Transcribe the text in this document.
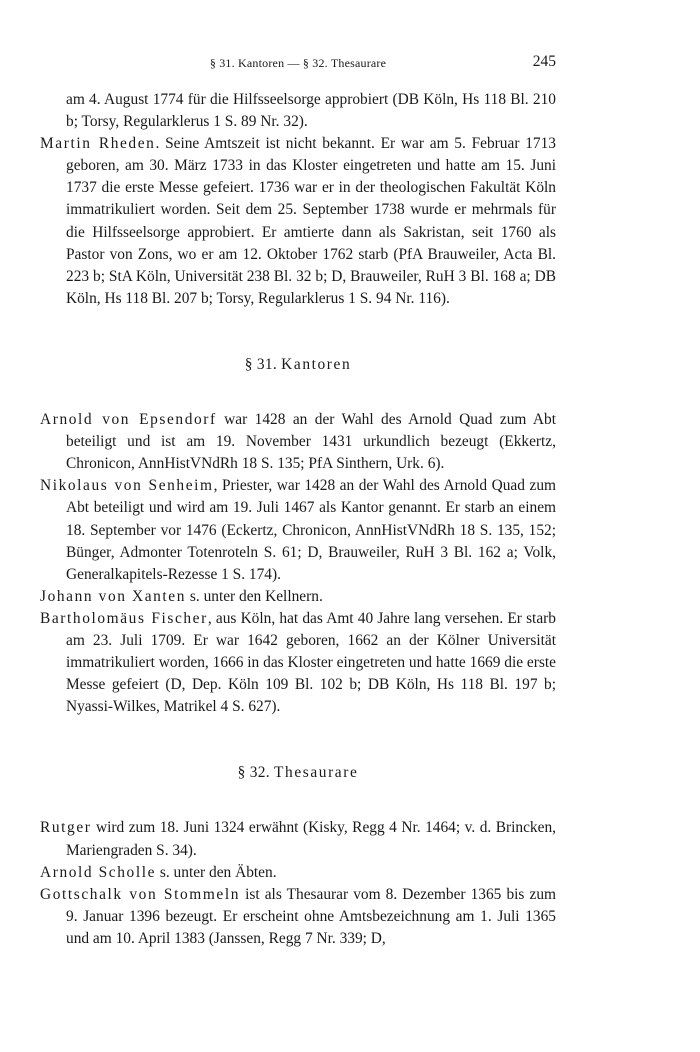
§ 31. Kantoren — § 32. Thesaurare	245

am 4. August 1774 für die Hilfsseelsorge approbiert (DB Köln, Hs 118 Bl. 210 b; Torsy, Regularklerus 1 S. 89 Nr. 32).

Martin Rheden. Seine Amtszeit ist nicht bekannt. Er war am 5. Februar 1713 geboren, am 30. März 1733 in das Kloster eingetreten und hatte am 15. Juni 1737 die erste Messe gefeiert. 1736 war er in der theologischen Fakultät Köln immatrikuliert worden. Seit dem 25. September 1738 wurde er mehrmals für die Hilfsseelsorge approbiert. Er amtierte dann als Sakristan, seit 1760 als Pastor von Zons, wo er am 12. Oktober 1762 starb (PfA Brauweiler, Acta Bl. 223 b; StA Köln, Universität 238 Bl. 32 b; D, Brauweiler, RuH 3 Bl. 168 a; DB Köln, Hs 118 Bl. 207 b; Torsy, Regularklerus 1 S. 94 Nr. 116).

§ 31. Kantoren

Arnold von Epsendorf war 1428 an der Wahl des Arnold Quad zum Abt beteiligt und ist am 19. November 1431 urkundlich bezeugt (Ekkertz, Chronicon, AnnHistVNdRh 18 S. 135; PfA Sinthern, Urk. 6).

Nikolaus von Senheim, Priester, war 1428 an der Wahl des Arnold Quad zum Abt beteiligt und wird am 19. Juli 1467 als Kantor genannt. Er starb an einem 18. September vor 1476 (Eckertz, Chronicon, AnnHistVNdRh 18 S. 135, 152; Bünger, Admonter Totenroteln S. 61; D, Brauweiler, RuH 3 Bl. 162 a; Volk, Generalkapitels-Rezesse 1 S. 174).

Johann von Xanten s. unter den Kellnern.

Bartholomäus Fischer, aus Köln, hat das Amt 40 Jahre lang versehen. Er starb am 23. Juli 1709. Er war 1642 geboren, 1662 an der Kölner Universität immatrikuliert worden, 1666 in das Kloster eingetreten und hatte 1669 die erste Messe gefeiert (D, Dep. Köln 109 Bl. 102 b; DB Köln, Hs 118 Bl. 197 b; Nyassi-Wilkes, Matrikel 4 S. 627).

§ 32. Thesaurare

Rutger wird zum 18. Juni 1324 erwähnt (Kisky, Regg 4 Nr. 1464; v. d. Brincken, Mariengraden S. 34).

Arnold Scholle s. unter den Äbten.

Gottschalk von Stommeln ist als Thesaurar vom 8. Dezember 1365 bis zum 9. Januar 1396 bezeugt. Er erscheint ohne Amtsbezeichnung am 1. Juli 1365 und am 10. April 1383 (Janssen, Regg 7 Nr. 339; D,
